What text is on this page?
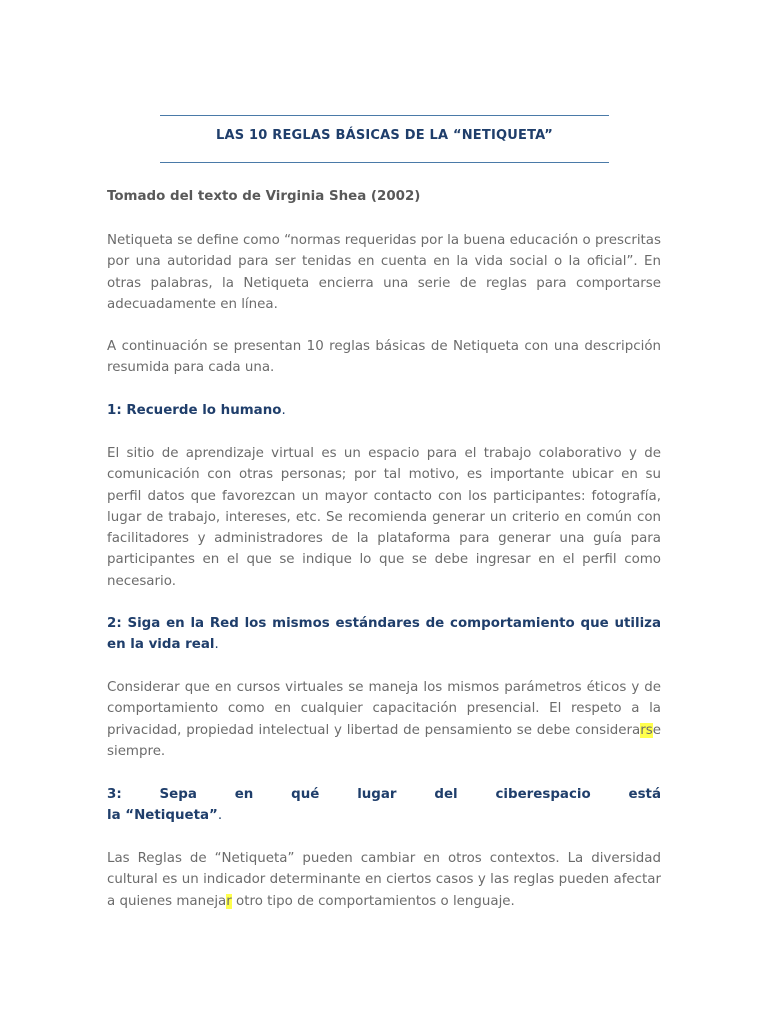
LAS 10 REGLAS BÁSICAS DE LA “NETIQUETA”
Tomado del texto de Virginia Shea (2002)
Netiqueta se define como “normas requeridas por la buena educación o prescritas por una autoridad para ser tenidas en cuenta en la vida social o la oficial”. En otras palabras, la Netiqueta encierra una serie de reglas para comportarse adecuadamente en línea.
A continuación se presentan 10 reglas básicas de Netiqueta con una descripción resumida para cada una.
1: Recuerde lo humano.
El sitio de aprendizaje virtual es un espacio para el trabajo colaborativo y de comunicación con otras personas; por tal motivo, es importante ubicar en su perfil datos que favorezcan un mayor contacto con los participantes: fotografía, lugar de trabajo, intereses, etc. Se recomienda generar un criterio en común con facilitadores y administradores de la plataforma para generar una guía para participantes en el que se indique lo que se debe ingresar en el perfil como necesario.
2: Siga en la Red los mismos estándares de comportamiento que utiliza en la vida real.
Considerar que en cursos virtuales se maneja los mismos parámetros éticos y de comportamiento como en cualquier capacitación presencial. El respeto a la privacidad, propiedad intelectual y libertad de pensamiento se debe considerarse siempre.
3:	Sepa	en	qué	lugar	del	ciberespacio	está
la “Netiqueta”.
Las Reglas de “Netiqueta” pueden cambiar en otros contextos. La diversidad cultural es un indicador determinante en ciertos casos y las reglas pueden afectar a quienes manejar otro tipo de comportamientos o lenguaje.
